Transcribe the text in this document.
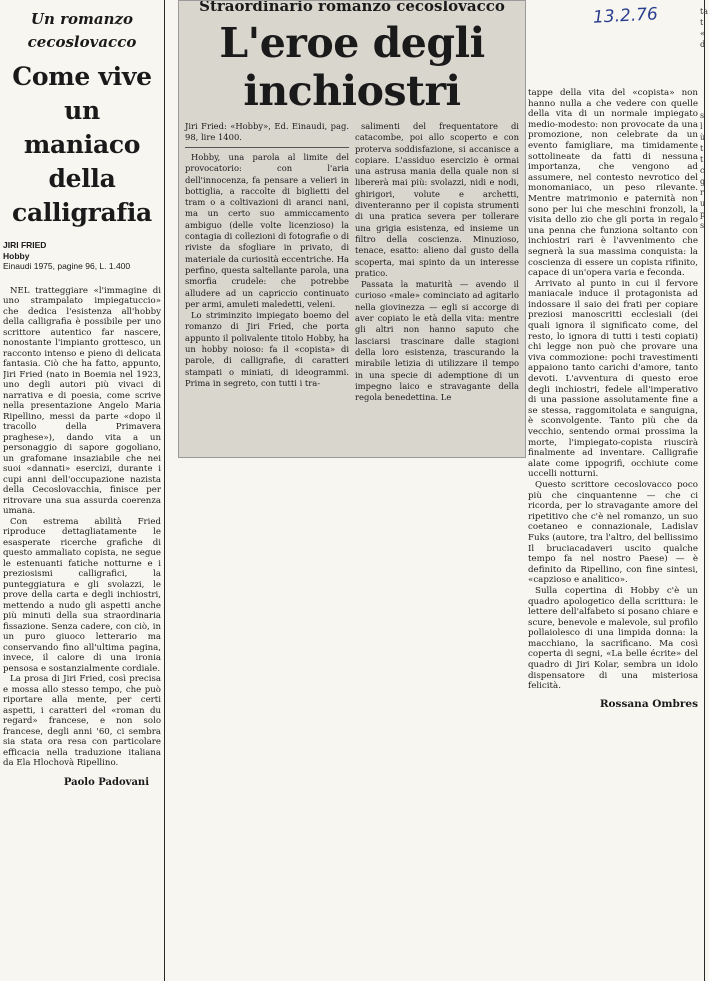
Un romanzo cecoslovacco

Come vive un maniaco della calligrafia

JIRI FRIED
Hobby
Einaudi 1975, pagine 96, L. 1.400

NEL tratteggiare «l'immagine di uno strampalato impiegatuccio» che dedica l'esistenza all'hobby della calligrafia è possibile per uno scrittore autentico far nascere, nonostante l'impianto grottesco, un racconto intenso e pieno di delicata fantasia. Ciò che ha fatto, appunto, Jiri Fried (nato in Boemia nel 1923, uno degli autori più vivaci di narrativa e di poesia, come scrive nella presentazione Angelo Maria Ripellino, messi da parte «dopo il tracollo della Primavera praghese»), dando vita a un personaggio di sapore gogoliano, un grafomane insaziabile che nei suoi «dannati» esercizi, durante i cupi anni dell'occupazione nazista della Cecoslovacchia, finisce per ritrovare una sua assurda coerenza umana.

Con estrema abilità Fried riproduce dettagliatamente le esasperate ricerche grafiche di questo ammaliato copista, ne segue le estenuanti fatiche notturne e i preziosismi calligrafici, la punteggiatura e gli svolazzi, le prove della carta e degli inchiostri, mettendo a nudo gli aspetti anche più minuti della sua straordinaria fissazione. Senza cadere, con ciò, in un puro giuoco letterario ma conservando fino all'ultima pagina, invece, il calore di una ironia pensosa e sostanzialmente cordiale.

La prosa di Jiri Fried, così precisa e mossa allo stesso tempo, che può riportare alla mente, per certi aspetti, i caratteri del «roman du regard» francese, e non solo francese, degli anni '60, ci sembra sia stata ora resa con particolare efficacia nella traduzione italiana da Ela Hlochovà Ripellino.

Paolo Padovani

Straordinario romanzo cecoslovacco

L'eroe degli inchiostri

Jiri Fried: «Hobby», Ed. Einaudi, pag. 98, lire 1400.

Hobby, una parola al limite del provocatorio: con l'aria dell'innocenza, fa pensare a velieri in bottiglia, a raccolte di biglietti del tram o a coltivazioni di aranci nani, ma un certo suo ammiccamento ambiguo (delle volte licenzioso) la contagia di collezioni di fotografie o di riviste da sfogliare in privato, di materiale da curiosità eccentriche. Ha perfino, questa saltellante parola, una smorfia crudele: che potrebbe alludere ad un capriccio continuato per armi, amuleti maledetti, veleni.

Lo striminzito impiegato boemo del romanzo di Jiri Fried, che porta appunto il polivalente titolo Hobby, ha un hobby noioso: fa il «copista» di parole, di calligrafie, di caratteri stampati o miniati, di ideogrammi. Prima in segreto, con tutti i tra-

salimenti del frequentatore di catacombe, poi allo scoperto e con proterva soddisfazione, si accanisce a copiare. L'assiduo esercizio è ormai una astrusa mania della quale non si libererà mai più: svolazzi, nidi e nodi, ghirigori, volute e archetti, diventeranno per il copista strumenti di una pratica severa per tollerare una grigia esistenza, ed insieme un filtro della coscienza. Minuzioso, tenace, esatto: alieno dal gusto della scoperta, mai spinto da un interesse pratico.

Passata la maturità — avendo il curioso «male» cominciato ad agitarlo nella giovinezza — egli si accorge di aver copiato le età della vita: mentre gli altri non hanno saputo che lasciarsi trascinare dalle stagioni della loro esistenza, trascurando la mirabile letizia di utilizzare il tempo in una specie di ademptione di un impegno laico e stravagante della regola benedettina. Le

13.2.76

tappe della vita del «copista» non hanno nulla a che vedere con quelle della vita di un normale impiegato medio-modesto: non provocate da una promozione, non celebrate da un evento famigliare, ma timidamente sottolineate da fatti di nessuna importanza, che vengono ad assumere, nel contesto nevrotico del monomaniaco, un peso rilevante. Mentre matrimonio e paternità non sono per lui che meschini fronzoli, la visita dello zio che gli porta in regalo una penna che funziona soltanto con inchiostri rari è l'avvenimento che segnerà la sua massima conquista: la coscienza di essere un copista rifinito, capace di un'opera varia e feconda.

Arrivato al punto in cui il fervore maniacale induce il protagonista ad indossare il saio dei frati per copiare preziosi manoscritti ecclesiali (dei quali ignora il significato come, del resto, lo ignora di tutti i testi copiati) chi legge non può che provare una viva commozione: pochi travestimenti appaiono tanto carichi d'amore, tanto devoti. L'avventura di questo eroe degli inchiostri, fedele all'imperativo di una passione assolutamente fine a se stessa, raggomitolata e sanguigna, è sconvolgente. Tanto più che da vecchio, sentendo ormai prossima la morte, l'impiegato-copista riuscirà finalmente ad inventare. Calligrafie alate come ippogrifi, occhiute come uccelli notturni.

Questo scrittore cecoslovacco poco più che cinquantenne — che ci ricorda, per lo stravagante amore del ripetitivo che c'è nel romanzo, un suo coetaneo e connazionale, Ladislav Fuks (autore, tra l'altro, del bellissimo Il bruciacadaveri uscito qualche tempo fa nel nostro Paese) — è definito da Ripellino, con fine sintesi, «capzioso e analitico».

Sulla copertina di Hobby c'è un quadro apologetico della scrittura: le lettere dell'alfabeto si posano chiare e scure, benevole e malevole, sul profilo pollaiolesco di una limpida donna: la macchiano, la sacrificano. Ma così coperta di segni, «La belle écrite» del quadro di Jiri Kolar, sembra un idolo dispensatore di una misteriosa felicità.

Rossana Ombres

ta t « d
s l ù t t c g r u p s
